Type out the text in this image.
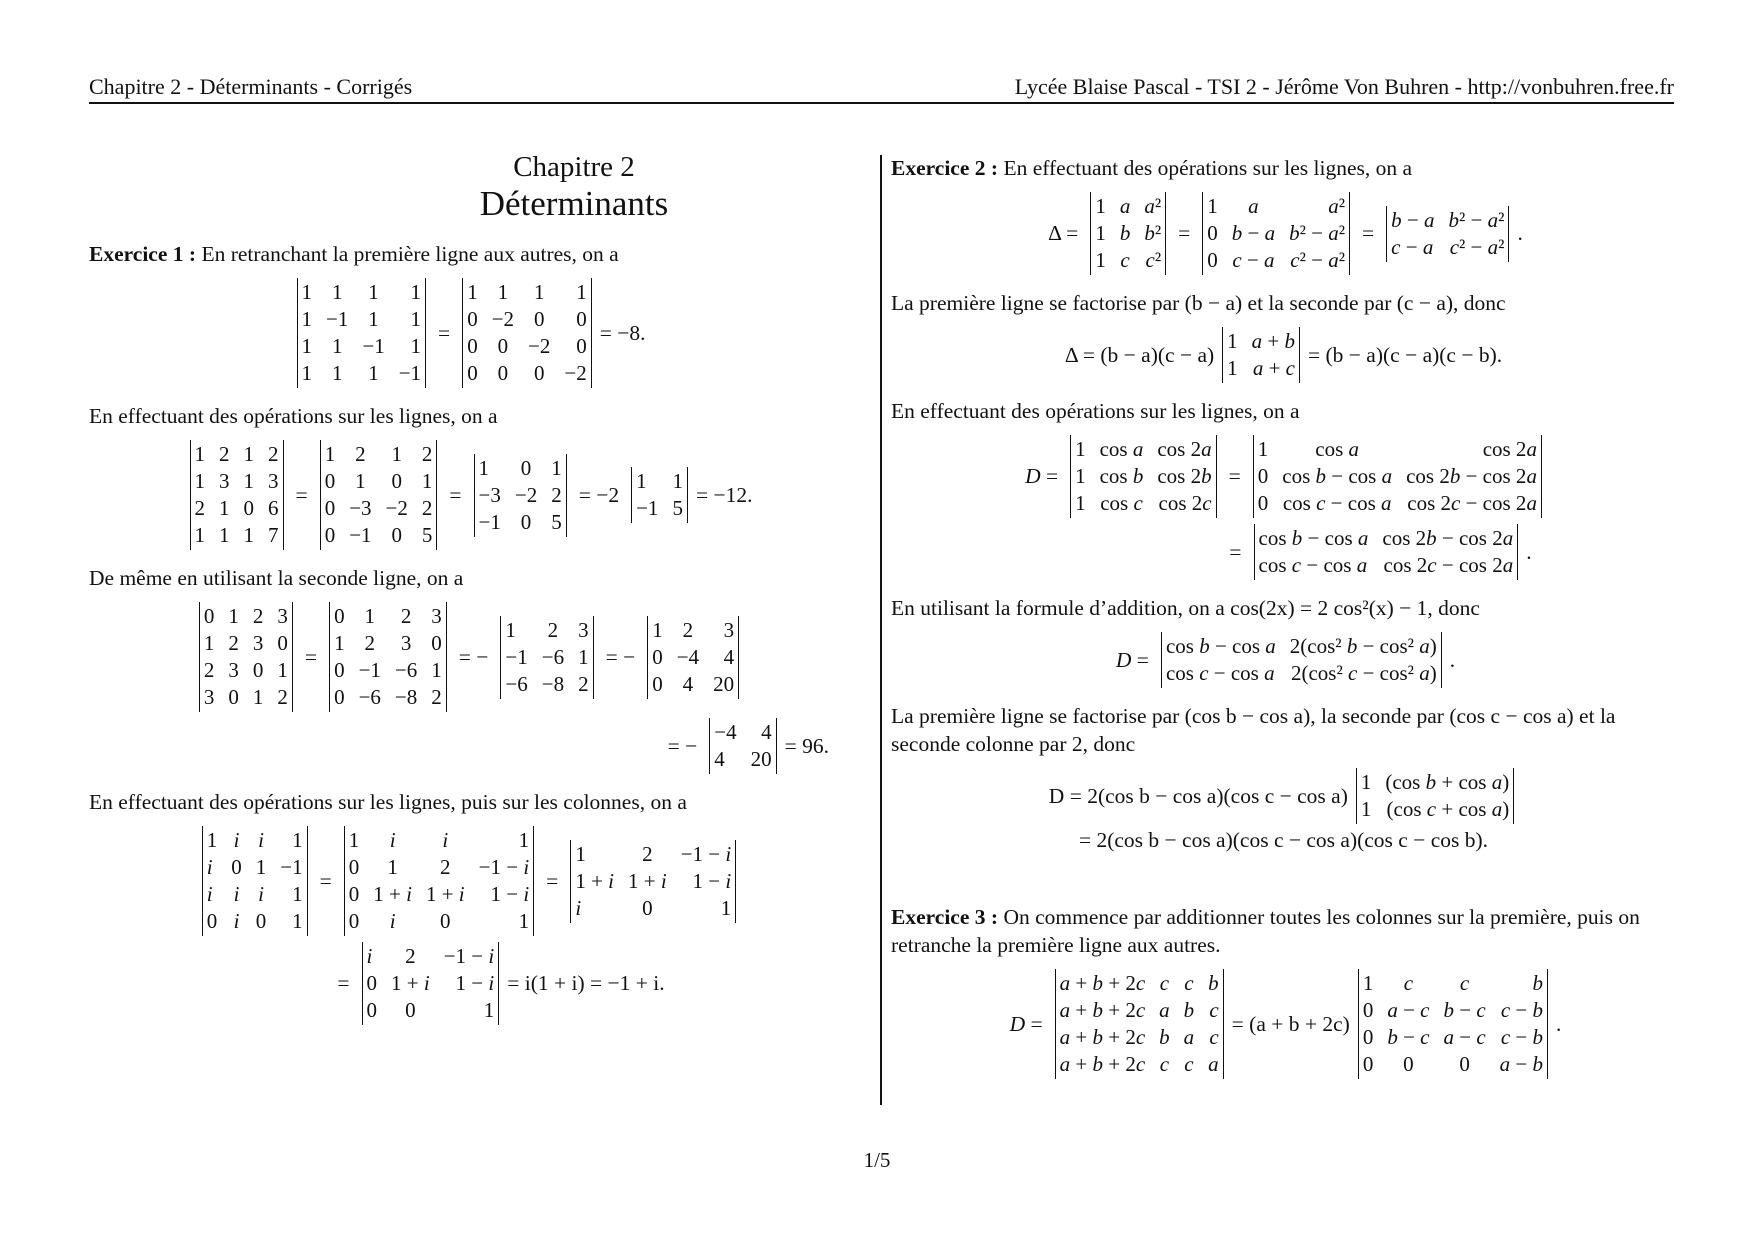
Chapitre 2 - Déterminants - Corrigés	Lycée Blaise Pascal - TSI 2 - Jérôme Von Buhren - http://vonbuhren.free.fr
Chapitre 2
Déterminants

Exercice 1 : En retranchant la première ligne aux autres, on a

1	1	1	1
1	−1	1	1
1	1	−1	1
1	1	1	−1
=
1	1	1	1
0	−2	0	0
0	0	−2	0
0	0	0	−2
= −8.

En effectuant des opérations sur les lignes, on a

1	2	1	2
1	3	1	3
2	1	0	6
1	1	1	7
=
1	2	1	2
0	1	0	1
0	−3	−2	2
0	−1	0	5
=
1	0	1
−3	−2	2
−1	0	5
= −2
1	1
−1	5
= −12.

De même en utilisant la seconde ligne, on a

0	1	2	3
1	2	3	0
2	3	0	1
3	0	1	2
=
0	1	2	3
1	2	3	0
0	−1	−6	1
0	−6	−8	2
= −
1	2	3
−1	−6	1
−6	−8	2
= −
1	2	3
0	−4	4
0	4	20
= −
−4	4
4	20
= 96.

En effectuant des opérations sur les lignes, puis sur les colonnes, on a

1	i	i	1
i	0	1	−1
i	i	i	1
0	i	0	1
=
1	i	i	1
0	1	2	−1 − i
0	1 + i	1 + i	1 − i
0	i	0	1
=
1	2	−1 − i
1 + i	1 + i	1 − i
i	0	1
=
i	2	−1 − i
0	1 + i	1 − i
0	0	1
= i(1 + i) = −1 + i.

Exercice 2 : En effectuant des opérations sur les lignes, on a

Δ =
1	a	a²
1	b	b²
1	c	c²
=
1	a	a²
0	b − a	b² − a²
0	c − a	c² − a²
=
b − a	b² − a²
c − a	c² − a²
.

La première ligne se factorise par (b − a) et la seconde par (c − a), donc

Δ = (b − a)(c − a)
1	a + b
1	a + c
= (b − a)(c − a)(c − b).

En effectuant des opérations sur les lignes, on a

D =
1	cos a	cos 2a
1	cos b	cos 2b
1	cos c	cos 2c
=
1	cos a	cos 2a
0	cos b − cos a	cos 2b − cos 2a
0	cos c − cos a	cos 2c − cos 2a
=
cos b − cos a	cos 2b − cos 2a
cos c − cos a	cos 2c − cos 2a
.

En utilisant la formule d’addition, on a cos(2x) = 2 cos²(x) − 1, donc

D =
cos b − cos a	2(cos² b − cos² a)
cos c − cos a	2(cos² c − cos² a)
.

La première ligne se factorise par (cos b − cos a), la seconde par (cos c − cos a) et la seconde colonne par 2, donc

D = 2(cos b − cos a)(cos c − cos a)
1	(cos b + cos a)
1	(cos c + cos a)
= 2(cos b − cos a)(cos c − cos a)(cos c − cos b).

Exercice 3 : On commence par additionner toutes les colonnes sur la première, puis on retranche la première ligne aux autres.

D =
a + b + 2c	c	c	b
a + b + 2c	a	b	c
a + b + 2c	b	a	c
a + b + 2c	c	c	a
= (a + b + 2c)
1	c	c	b
0	a − c	b − c	c − b
0	b − c	a − c	c − b
0	0	0	a − b
.
1/5
